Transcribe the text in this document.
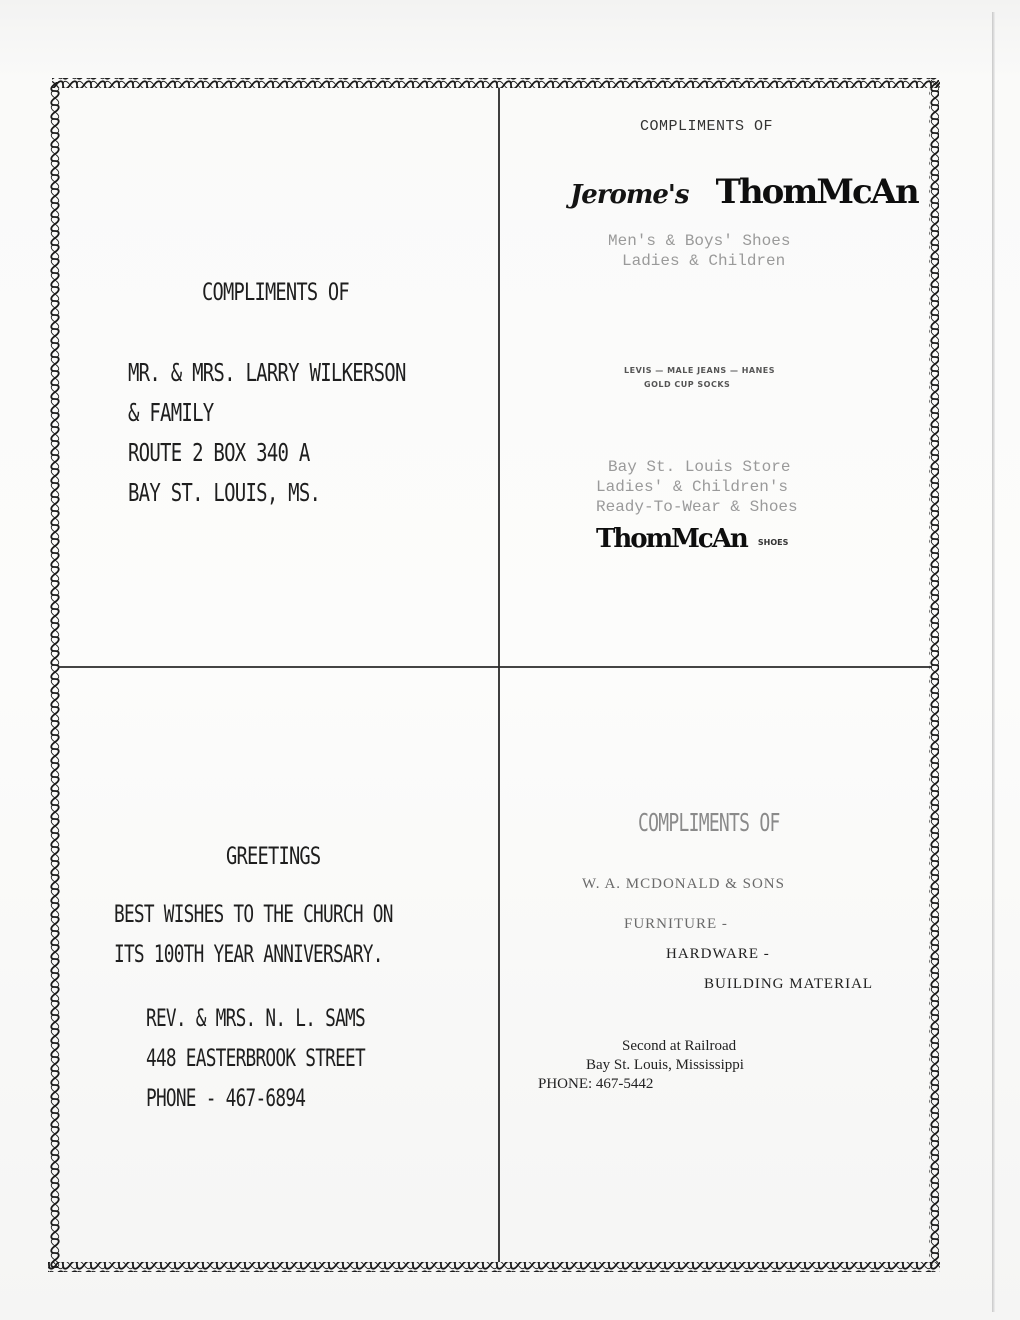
COMPLIMENTS OF
MR. & MRS. LARRY WILKERSON
& FAMILY
ROUTE 2 BOX 340 A
BAY ST. LOUIS, MS.
COMPLIMENTS OF
Jerome's ThomMcAn
Men's & Boys' Shoes
Ladies & Children
LEVIS — MALE JEANS — HANES
GOLD CUP SOCKS
Bay St. Louis Store
Ladies' & Children's
Ready-To-Wear & Shoes
ThomMcAn SHOES
GREETINGS
BEST WISHES TO THE CHURCH ON
ITS 100TH YEAR ANNIVERSARY.
REV. & MRS. N. L. SAMS
448 EASTERBROOK STREET
PHONE - 467-6894
COMPLIMENTS OF
W. A. MCDONALD & SONS
FURNITURE -
HARDWARE -
BUILDING MATERIAL
Second at Railroad
Bay St. Louis, Mississippi
PHONE: 467-5442
